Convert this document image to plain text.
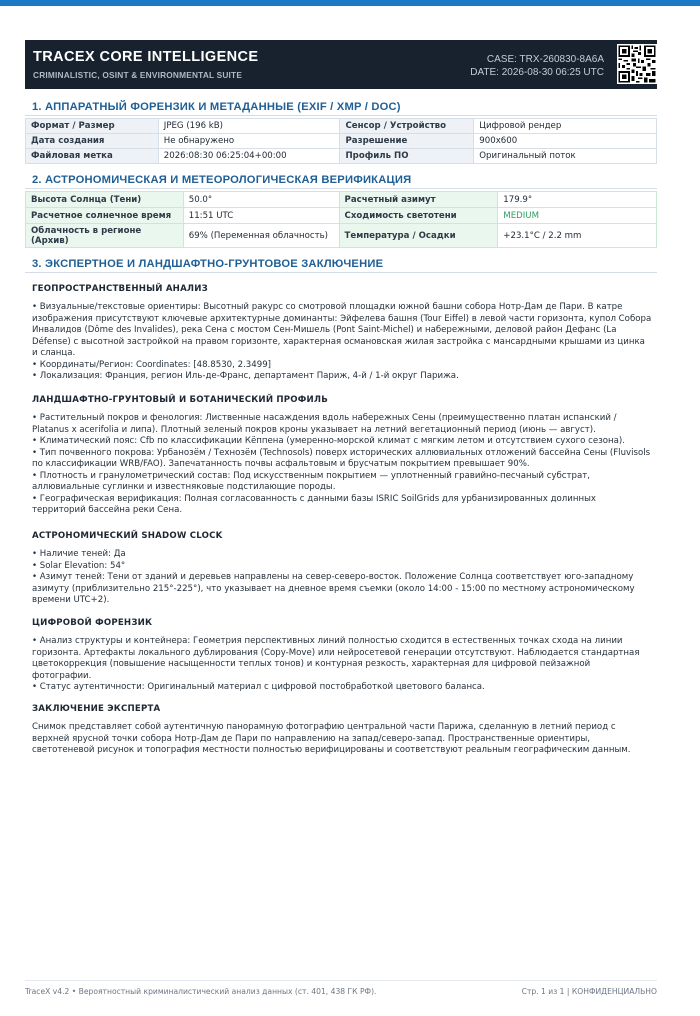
TRACEX CORE INTELLIGENCE
CRIMINALISTIC, OSINT & ENVIRONMENTAL SUITE
CASE: TRX-260830-8A6A
DATE: 2026-08-30 06:25 UTC
1. АППАРАТНЫЙ ФОРЕНЗИК И МЕТАДАННЫЕ (EXIF / XMP / DOC)
Формат / Размер	JPEG (196 kB)	Сенсор / Устройство	Цифровой рендер
Дата создания	Не обнаружено	Разрешение	900x600
Файловая метка	2026:08:30 06:25:04+00:00	Профиль ПО	Оригинальный поток
2. АСТРОНОМИЧЕСКАЯ И МЕТЕОРОЛОГИЧЕСКАЯ ВЕРИФИКАЦИЯ
Высота Солнца (Тени)	50.0°	Расчетный азимут	179.9°
Расчетное солнечное время	11:51 UTC	Сходимость светотени	MEDIUM
Облачность в регионе (Архив)	69% (Переменная облачность)	Температура / Осадки	+23.1°C / 2.2 mm
3. ЭКСПЕРТНОЕ И ЛАНДШАФТНО-ГРУНТОВОЕ ЗАКЛЮЧЕНИЕ
ГЕОПРОСТРАНСТВЕННЫЙ АНАЛИЗ

• Визуальные/текстовые ориентиры: Высотный ракурс со смотровой площадки южной башни собора Нотр-Дам де Пари. В катре изображения присутствуют ключевые архитектурные доминанты: Эйфелева башня (Tour Eiffel) в левой части горизонта, купол Собора Инвалидов (Dôme des Invalides), река Сена с мостом Сен-Мишель (Pont Saint-Michel) и набережными, деловой район Дефанс (La Défense) с высотной застройкой на правом горизонте, характерная османовская жилая застройка с мансардными крышами из цинка и сланца.

• Координаты/Регион: Coordinates: [48.8530, 2.3499]

• Локализация: Франция, регион Иль-де-Франс, департамент Париж, 4-й / 1-й округ Парижа.

ЛАНДШАФТНО-ГРУНТОВЫЙ И БОТАНИЧЕСКИЙ ПРОФИЛЬ

• Растительный покров и фенология: Лиственные насаждения вдоль набережных Сены (преимущественно платан испанский / Platanus x acerifolia и липа). Плотный зеленый покров кроны указывает на летний вегетационный период (июнь — август).

• Климатический пояс: Cfb по классификации Кёппена (умеренно-морской климат с мягким летом и отсутствием сухого сезона).

• Тип почвенного покрова: Урбанозём / Технозём (Technosols) поверх исторических аллювиальных отложений бассейна Сены (Fluvisols по классификации WRB/FAO). Запечатанность почвы асфальтовым и брусчатым покрытием превышает 90%.

• Плотность и гранулометрический состав: Под искусственным покрытием — уплотненный гравийно-песчаный субстрат, аллювиальные суглинки и известняковые подстилающие породы.

• Географическая верификация: Полная согласованность с данными базы ISRIC SoilGrids для урбанизированных долинных территорий бассейна реки Сена.

АСТРОНОМИЧЕСКИЙ SHADOW CLOCK

• Наличие теней: Да

• Solar Elevation: 54°

• Азимут теней: Тени от зданий и деревьев направлены на север-северо-восток. Положение Солнца соответствует юго-западному азимуту (приблизительно 215°-225°), что указывает на дневное время съемки (около 14:00 - 15:00 по местному астрономическому времени UTC+2).

ЦИФРОВОЙ ФОРЕНЗИК

• Анализ структуры и контейнера: Геометрия перспективных линий полностью сходится в естественных точках схода на линии горизонта. Артефакты локального дублирования (Copy-Move) или нейросетевой генерации отсутствуют. Наблюдается стандартная цветокоррекция (повышение насыщенности теплых тонов) и контурная резкость, характерная для цифровой пейзажной фотографии.

• Статус аутентичности: Оригинальный материал с цифровой постобработкой цветового баланса.

ЗАКЛЮЧЕНИЕ ЭКСПЕРТА

Снимок представляет собой аутентичную панорамную фотографию центральной части Парижа, сделанную в летний период с верхней ярусной точки собора Нотр-Дам де Пари по направлению на запад/северо-запад. Пространственные ориентиры, светотеневой рисунок и топография местности полностью верифицированы и соответствуют реальным географическим данным.

TraceX v4.2 • Вероятностный криминалистический анализ данных (ст. 401, 438 ГК РФ).	Стр. 1 из 1 | КОНФИДЕНЦИАЛЬНО
